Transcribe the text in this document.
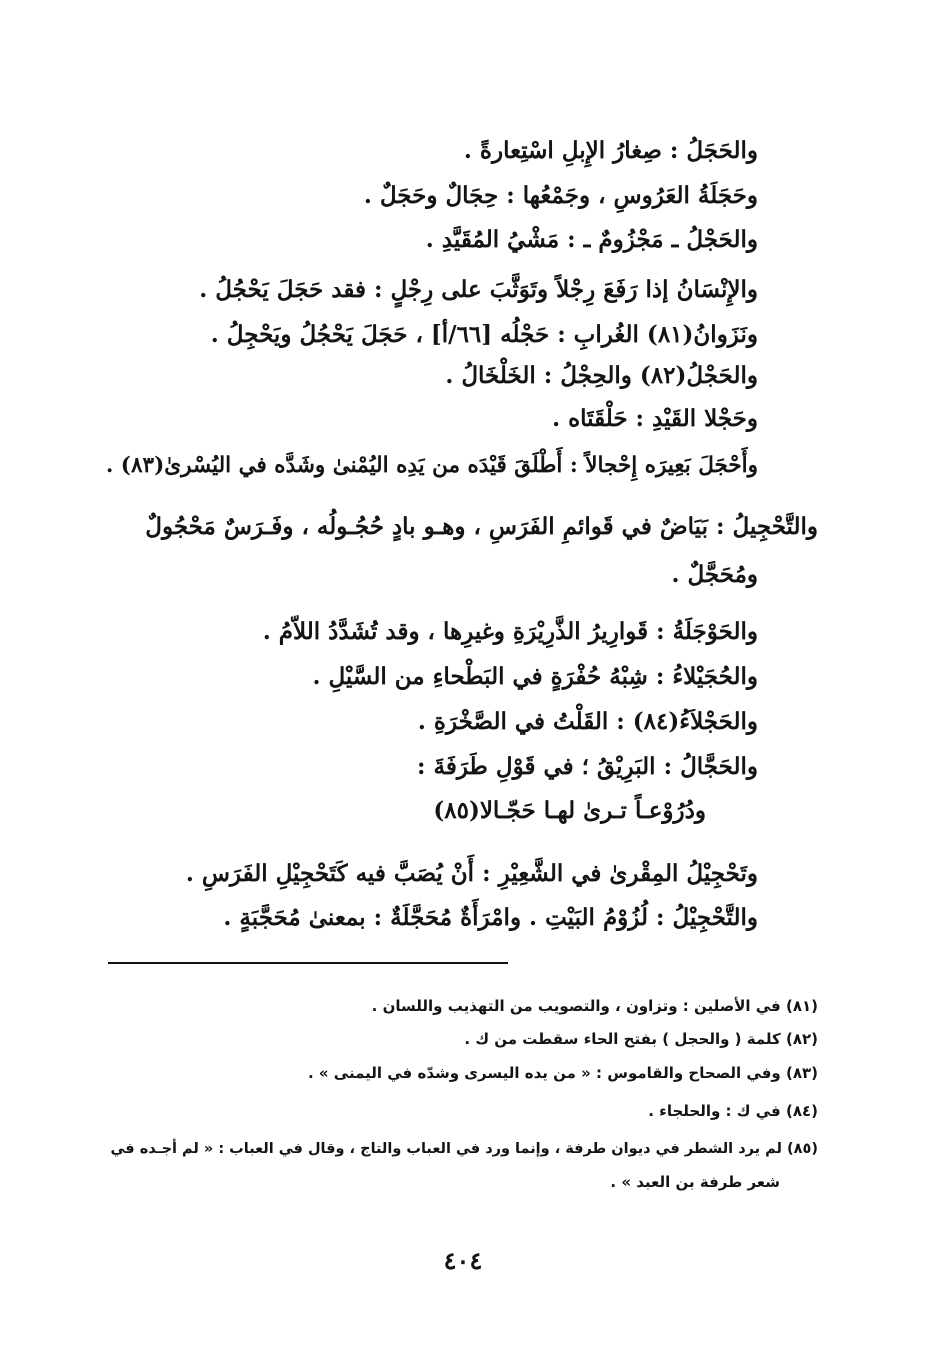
والحَجَلُ : صِغارُ الإِبلِ اسْتِعارةً .
وحَجَلَةُ العَرُوسِ ، وجَمْعُها : حِجَالٌ وحَجَلٌ .
والحَجْلُ ـ مَجْزُومٌ ـ : مَشْيُ المُقَيَّدِ .
والإِنْسَانُ إذا رَفَعَ رِجْلاً وتَوَثَّبَ على رِجْلٍ : فقد حَجَلَ يَحْجُلُ .
ونَزَوانُ(٨١) الغُرابِ : حَجْلُه [٦٦/أ] ، حَجَلَ يَحْجُلُ ويَحْجِلُ .
والحَجْلُ(٨٢) والحِجْلُ : الخَلْخَالُ .
وحَجْلا القَيْدِ : حَلْقَتَاه .
وأَحْجَلَ بَعِيرَه إِحْجالاً : أَطْلَقَ قَيْدَه من يَدِه اليُمْنىٰ وشَدَّه في اليُسْرىٰ(٨٣) .
والتَّحْجِيلُ : بَيَاضٌ في قَوائمِ الفَرَسِ ، وهـو بادٍ حُجُـولُه ، وفَـرَسٌ مَحْجُولٌ
ومُحَجَّلٌ .
والحَوْجَلَةُ : قَوارِيرُ الذَّرِيْرَةِ وغيرِها ، وقد تُشَدَّدُ اللاّمُ .
والحُجَيْلاءُ : شِبْهُ حُفْرَةٍ في البَطْحاءِ من السَّيْلِ .
والحَجْلاَءُ(٨٤) : القَلْتُ في الصَّخْرَةِ .
والحَجَّالُ : البَرِيْقُ ؛ في قَوْلِ طَرَفَةَ :
ودُرُوْعـاً تـرىٰ لهـا حَجّـالا(٨٥)
وتَحْجِيْلُ المِقْرىٰ في الشَّعِيْرِ : أَنْ يُصَبَّ فيه كَتَحْجِيْلِ الفَرَسِ .
والتَّحْجِيْلُ : لُزُوْمُ البَيْتِ . وامْرَأَةٌ مُحَجَّلَةٌ : بمعنىٰ مُحَجَّبَةٍ .
(٨١) في الأصلين : وتزاون ، والتصويب من التهذيب واللسان .
(٨٢) كلمة ( والحجل ) بفتح الحاء سقطت من ك .
(٨٣) وفي الصحاح والقاموس : « من يده اليسرى وشدّه في اليمنى » .
(٨٤) في ك : والحلجاء .
(٨٥) لم يرد الشطر في ديوان طرفة ، وإنما ورد في العباب والتاج ، وقال في العباب : « لم أجـده في
شعر طرفة بن العبد » .
٤٠٤
